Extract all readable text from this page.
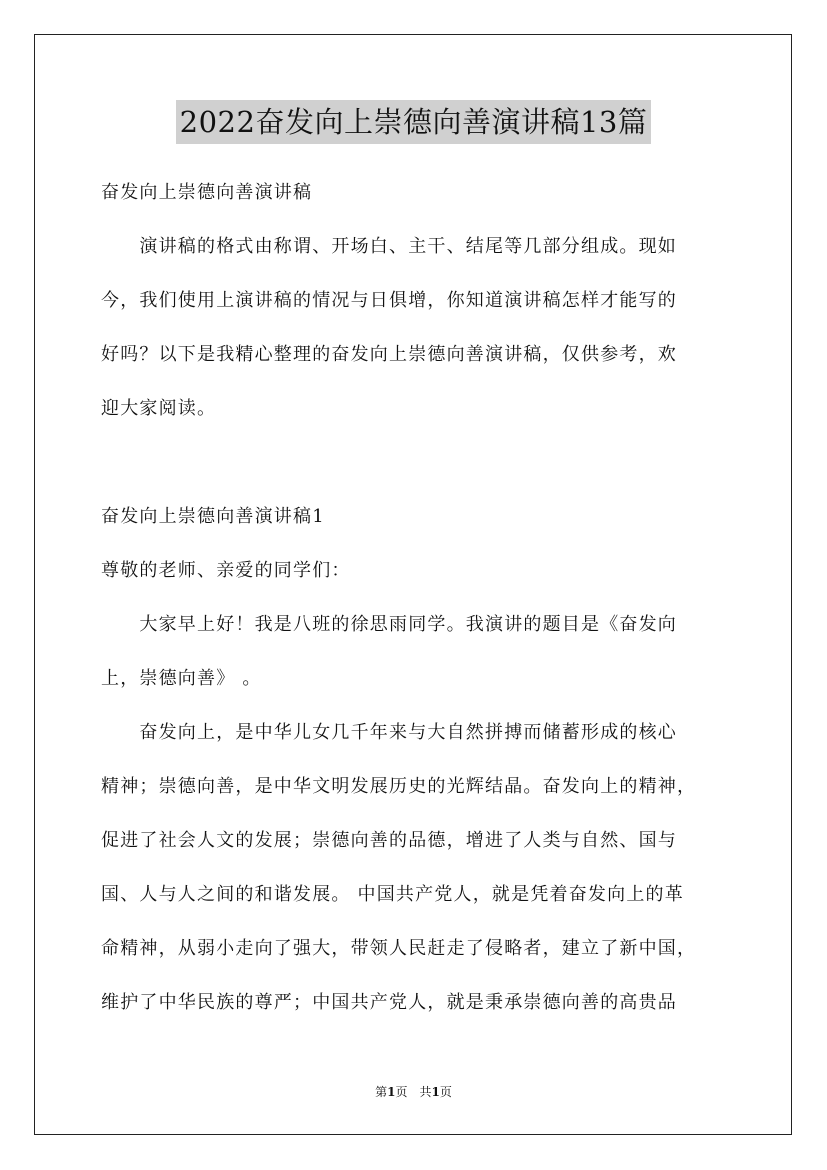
2022奋发向上崇德向善演讲稿13篇
奋发向上崇德向善演讲稿
　　演讲稿的格式由称谓、开场白、主干、结尾等几部分组成。现如
今，我们使用上演讲稿的情况与日俱增，你知道演讲稿怎样才能写的
好吗？以下是我精心整理的奋发向上崇德向善演讲稿，仅供参考，欢
迎大家阅读。
奋发向上崇德向善演讲稿1
尊敬的老师、亲爱的同学们：
　　大家早上好！我是八班的徐思雨同学。我演讲的题目是《奋发向
上，崇德向善》 。
　　奋发向上，是中华儿女几千年来与大自然拼搏而储蓄形成的核心
精神；崇德向善，是中华文明发展历史的光辉结晶。奋发向上的精神，
促进了社会人文的发展；崇德向善的品德，增进了人类与自然、国与
国、人与人之间的和谐发展。 中国共产党人，就是凭着奋发向上的革
命精神，从弱小走向了强大，带领人民赶走了侵略者，建立了新中国，
维护了中华民族的尊严；中国共产党人，就是秉承崇德向善的高贵品
第1页　共1页
